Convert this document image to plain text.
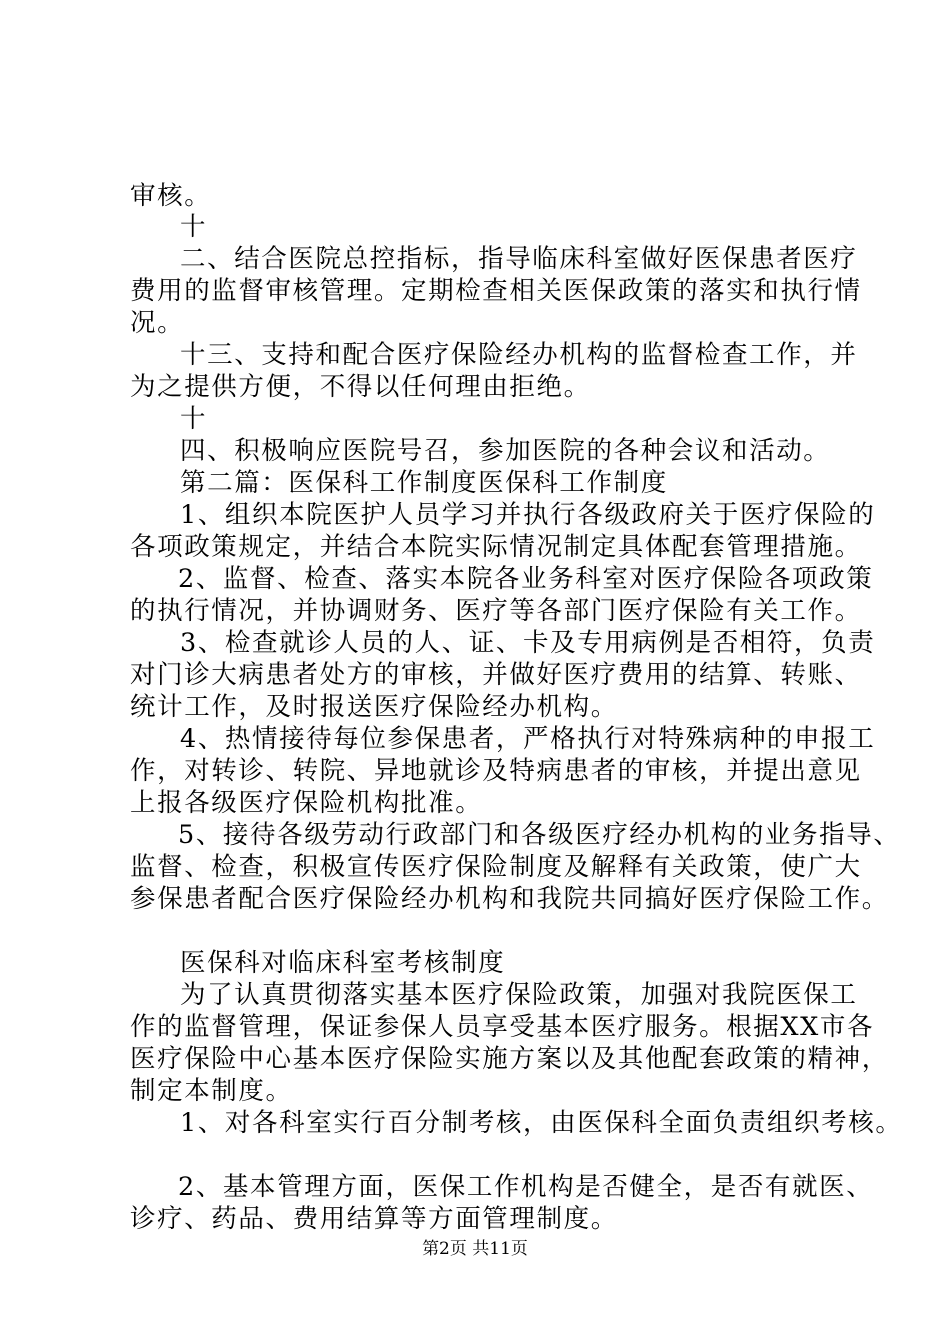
审核。
十
二、结合医院总控指标，指导临床科室做好医保患者医疗
费用的监督审核管理。定期检查相关医保政策的落实和执行情
况。
十三、支持和配合医疗保险经办机构的监督检查工作，并
为之提供方便，不得以任何理由拒绝。
十
四、积极响应医院号召，参加医院的各种会议和活动。
第二篇：医保科工作制度医保科工作制度
1、组织本院医护人员学习并执行各级政府关于医疗保险的
各项政策规定，并结合本院实际情况制定具体配套管理措施。
2、监督、检查、落实本院各业务科室对医疗保险各项政策
的执行情况，并协调财务、医疗等各部门医疗保险有关工作。
3、检查就诊人员的人、证、卡及专用病例是否相符，负责
对门诊大病患者处方的审核，并做好医疗费用的结算、转账、
统计工作，及时报送医疗保险经办机构。
4、热情接待每位参保患者，严格执行对特殊病种的申报工
作，对转诊、转院、异地就诊及特病患者的审核，并提出意见
上报各级医疗保险机构批准。
5、接待各级劳动行政部门和各级医疗经办机构的业务指导、
监督、检查，积极宣传医疗保险制度及解释有关政策，使广大
参保患者配合医疗保险经办机构和我院共同搞好医疗保险工作。
医保科对临床科室考核制度
为了认真贯彻落实基本医疗保险政策，加强对我院医保工
作的监督管理，保证参保人员享受基本医疗服务。根据XX市各
医疗保险中心基本医疗保险实施方案以及其他配套政策的精神，
制定本制度。
1、对各科室实行百分制考核，由医保科全面负责组织考核。
2、基本管理方面，医保工作机构是否健全，是否有就医、
诊疗、药品、费用结算等方面管理制度。
第2页 共11页
